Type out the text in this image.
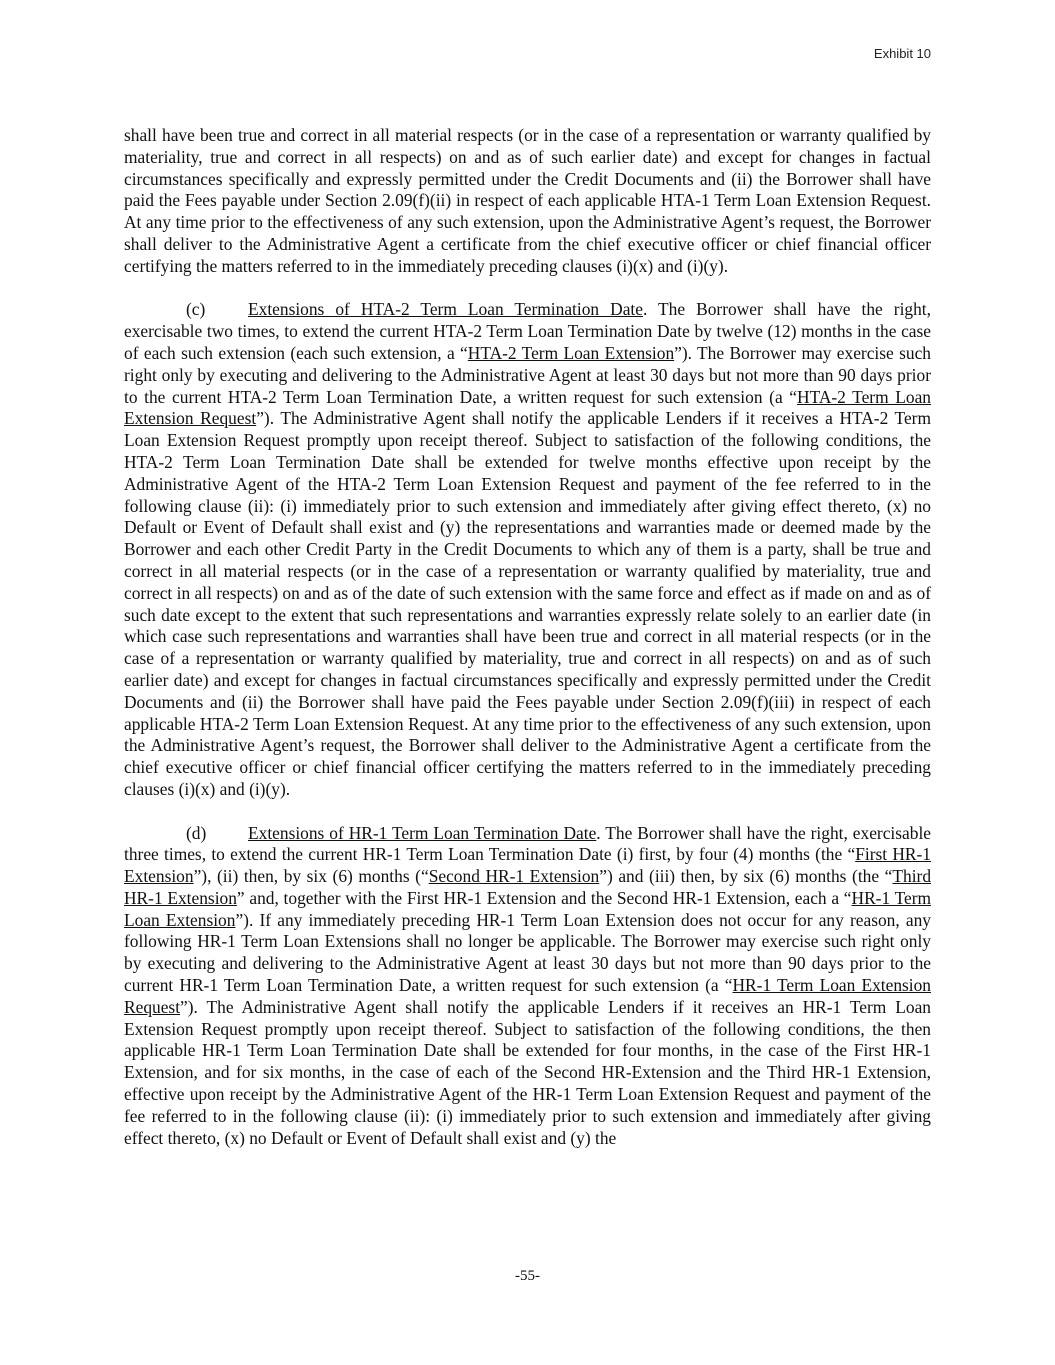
Exhibit 10

shall have been true and correct in all material respects (or in the case of a representation or warranty qualified by materiality, true and correct in all respects) on and as of such earlier date) and except for changes in factual circumstances specifically and expressly permitted under the Credit Documents and (ii) the Borrower shall have paid the Fees payable under Section 2.09(f)(ii) in respect of each applicable HTA-1 Term Loan Extension Request. At any time prior to the effectiveness of any such extension, upon the Administrative Agent’s request, the Borrower shall deliver to the Administrative Agent a certificate from the chief executive officer or chief financial officer certifying the matters referred to in the immediately preceding clauses (i)(x) and (i)(y).

(c) Extensions of HTA-2 Term Loan Termination Date. The Borrower shall have the right, exercisable two times, to extend the current HTA-2 Term Loan Termination Date by twelve (12) months in the case of each such extension (each such extension, a “HTA-2 Term Loan Extension”). The Borrower may exercise such right only by executing and delivering to the Administrative Agent at least 30 days but not more than 90 days prior to the current HTA-2 Term Loan Termination Date, a written request for such extension (a “HTA-2 Term Loan Extension Request”). The Administrative Agent shall notify the applicable Lenders if it receives a HTA-2 Term Loan Extension Request promptly upon receipt thereof. Subject to satisfaction of the following conditions, the HTA-2 Term Loan Termination Date shall be extended for twelve months effective upon receipt by the Administrative Agent of the HTA-2 Term Loan Extension Request and payment of the fee referred to in the following clause (ii): (i) immediately prior to such extension and immediately after giving effect thereto, (x) no Default or Event of Default shall exist and (y) the representations and warranties made or deemed made by the Borrower and each other Credit Party in the Credit Documents to which any of them is a party, shall be true and correct in all material respects (or in the case of a representation or warranty qualified by materiality, true and correct in all respects) on and as of the date of such extension with the same force and effect as if made on and as of such date except to the extent that such representations and warranties expressly relate solely to an earlier date (in which case such representations and warranties shall have been true and correct in all material respects (or in the case of a representation or warranty qualified by materiality, true and correct in all respects) on and as of such earlier date) and except for changes in factual circumstances specifically and expressly permitted under the Credit Documents and (ii) the Borrower shall have paid the Fees payable under Section 2.09(f)(iii) in respect of each applicable HTA-2 Term Loan Extension Request. At any time prior to the effectiveness of any such extension, upon the Administrative Agent’s request, the Borrower shall deliver to the Administrative Agent a certificate from the chief executive officer or chief financial officer certifying the matters referred to in the immediately preceding clauses (i)(x) and (i)(y).

(d) Extensions of HR-1 Term Loan Termination Date. The Borrower shall have the right, exercisable three times, to extend the current HR-1 Term Loan Termination Date (i) first, by four (4) months (the “First HR-1 Extension”), (ii) then, by six (6) months (“Second HR-1 Extension”) and (iii) then, by six (6) months (the “Third HR-1 Extension” and, together with the First HR-1 Extension and the Second HR-1 Extension, each a “HR-1 Term Loan Extension”). If any immediately preceding HR-1 Term Loan Extension does not occur for any reason, any following HR-1 Term Loan Extensions shall no longer be applicable. The Borrower may exercise such right only by executing and delivering to the Administrative Agent at least 30 days but not more than 90 days prior to the current HR-1 Term Loan Termination Date, a written request for such extension (a “HR-1 Term Loan Extension Request”). The Administrative Agent shall notify the applicable Lenders if it receives an HR-1 Term Loan Extension Request promptly upon receipt thereof. Subject to satisfaction of the following conditions, the then applicable HR-1 Term Loan Termination Date shall be extended for four months, in the case of the First HR-1 Extension, and for six months, in the case of each of the Second HR-Extension and the Third HR-1 Extension, effective upon receipt by the Administrative Agent of the HR-1 Term Loan Extension Request and payment of the fee referred to in the following clause (ii): (i) immediately prior to such extension and immediately after giving effect thereto, (x) no Default or Event of Default shall exist and (y) the

-55-
